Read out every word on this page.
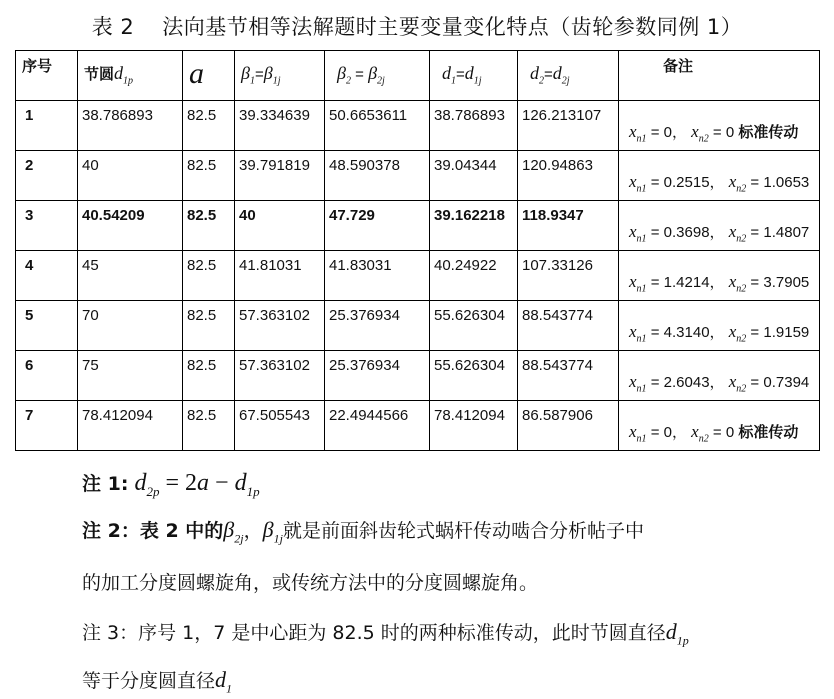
表 2 法向基节相等法解题时主要变量变化特点（齿轮参数同例 1）
序号	节圆$d_{1p}$	a	$\beta_1=\beta_{1j}$	$\beta_2 = \beta_{2j}$	$d_1=d_{1j}$	$d_2=d_{2j}$	备注

1	38.786893	82.5	39.334639	50.6653611	38.786893	126.213107	$x_{n1} = 0$， $x_{n2} = 0$ 标准传动

2	40	82.5	39.791819	48.590378	39.04344	120.94863	$x_{n1} = 0.2515$， $x_{n2} = 1.0653$

3	40.54209	82.5	40	47.729	39.162218	118.9347	$x_{n1} = 0.3698$， $x_{n2} = 1.4807$

4	45	82.5	41.81031	41.83031	40.24922	107.33126	$x_{n1} = 1.4214$， $x_{n2} = 3.7905$

5	70	82.5	57.363102	25.376934	55.626304	88.543774	$x_{n1} = 4.3140$， $x_{n2} = 1.9159$

6	75	82.5	57.363102	25.376934	55.626304	88.543774	$x_{n1} = 2.6043$， $x_{n2} = 0.7394$

7	78.412094	82.5	67.505543	22.4944566	78.412094	86.587906	$x_{n1} = 0$， $x_{n2} = 0$ 标准传动
注 1: $d_{2p} = 2a - d_{1p}$
注 2：表 2 中的$\beta_{2j}$，$\beta_{1j}$就是前面斜齿轮式蜗杆传动啮合分析帖子中
的加工分度圆螺旋角，或传统方法中的分度圆螺旋角。
注 3：序号 1，7 是中心距为 82.5 时的两种标准传动，此时节圆直径$d_{1p}$
等于分度圆直径$d_1$
